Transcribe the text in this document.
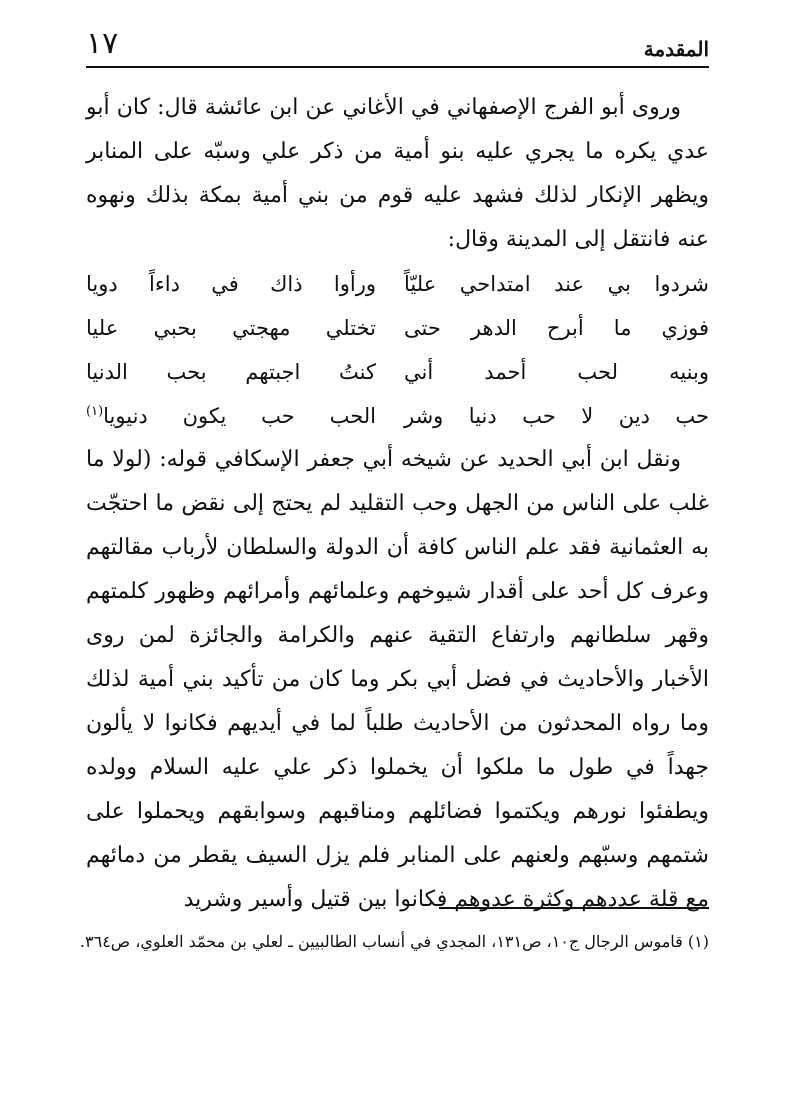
١٧	المقدمة

وروى أبو الفرج الإصفهاني في الأغاني عن ابن عائشة قال: كان أبو عدي يكره ما يجري عليه بنو أمية من ذكر علي وسبّه على المنابر ويظهر الإنكار لذلك فشهد عليه قوم من بني أمية بمكة بذلك ونهوه عنه فانتقل إلى المدينة وقال:

شردوا بي عند امتداحي عليّاً
ورأوا ذاك في داءاً دويا
فوزي ما أبرح الدهر حتى
تختلي مهجتي بحبي عليا
وبنيه لحب أحمد أني
كنتُ اجبتهم بحب الدنيا
حب دين لا حب دنيا وشر
الحب حب يكون دنيويا$^{(١)}$

ونقل ابن أبي الحديد عن شيخه أبي جعفر الإسكافي قوله: (لولا ما غلب على الناس من الجهل وحب التقليد لم يحتج إلى نقض ما احتجّت به العثمانية فقد علم الناس كافة أن الدولة والسلطان لأرباب مقالتهم وعرف كل أحد على أقدار شيوخهم وعلمائهم وأمرائهم وظهور كلمتهم وقهر سلطانهم وارتفاع التقية عنهم والكرامة والجائزة لمن روى الأخبار والأحاديث في فضل أبي بكر وما كان من تأكيد بني أمية لذلك وما رواه المحدثون من الأحاديث طلباً لما في أيديهم فكانوا لا يألون جهداً في طول ما ملكوا أن يخملوا ذكر علي عليه السلام وولده ويطفئوا نورهم ويكتموا فضائلهم ومناقبهم وسوابقهم ويحملوا على شتمهم وسبّهم ولعنهم على المنابر فلم يزل السيف يقطر من دمائهم مع قلة عددهم وكثرة عدوهم فكانوا بين قتيل وأسير وشريد

(١) قاموس الرجال ج١٠، ص١٣١، المجدي في أنساب الطالبيين ـ لعلي بن محمّد العلوي، ص٣٦٤.
